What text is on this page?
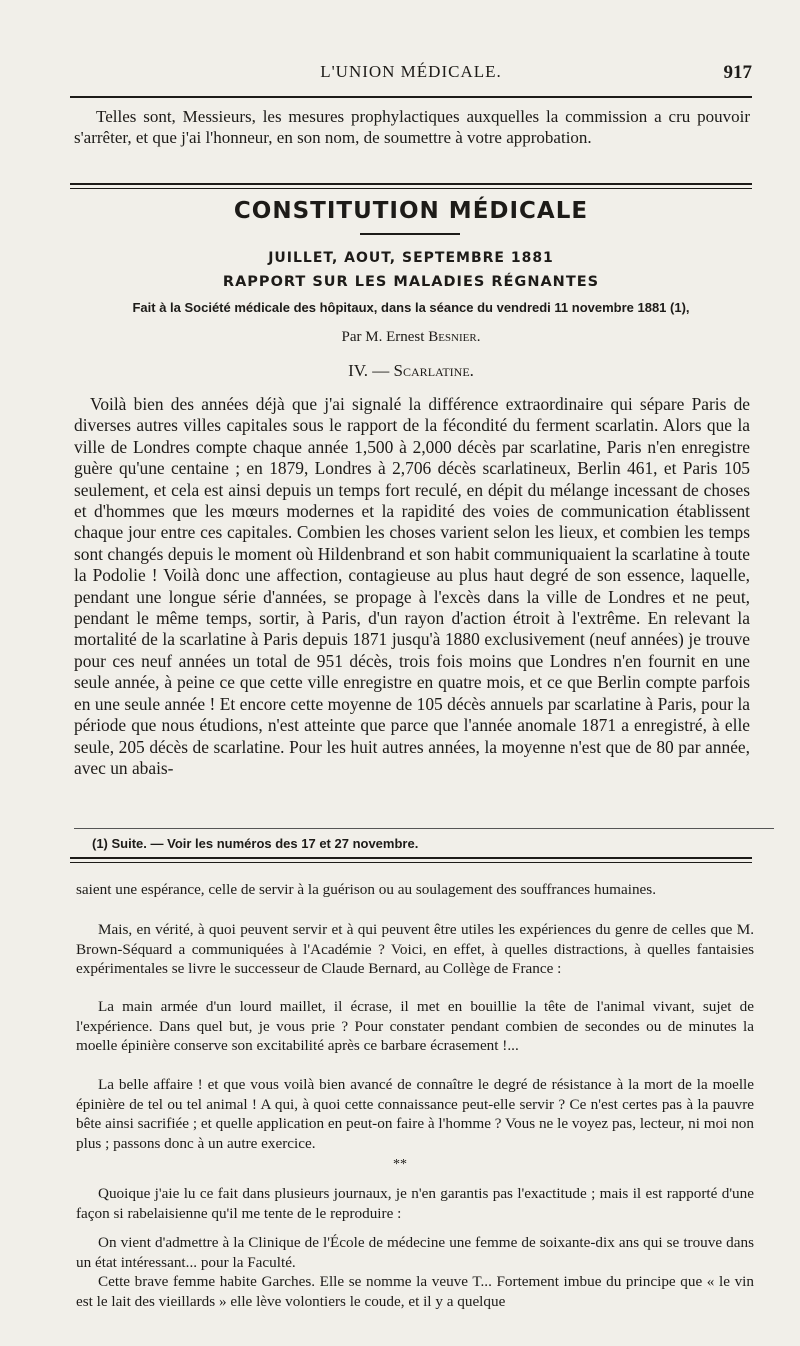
L'UNION MÉDICALE.	917

Telles sont, Messieurs, les mesures prophylactiques auxquelles la commission a cru pouvoir s'arrêter, et que j'ai l'honneur, en son nom, de soumettre à votre approbation.

CONSTITUTION MÉDICALE
JUILLET, AOUT, SEPTEMBRE 1881
RAPPORT SUR LES MALADIES RÉGNANTES
Fait à la Société médicale des hôpitaux, dans la séance du vendredi 11 novembre 1881 (1),
Par M. Ernest Besnier.
IV. — Scarlatine.

Voilà bien des années déjà que j'ai signalé la différence extraordinaire qui sépare Paris de diverses autres villes capitales sous le rapport de la fécondité du ferment scarlatin. Alors que la ville de Londres compte chaque année 1,500 à 2,000 décès par scarlatine, Paris n'en enregistre guère qu'une centaine ; en 1879, Londres à 2,706 décès scarlatineux, Berlin 461, et Paris 105 seulement, et cela est ainsi depuis un temps fort reculé, en dépit du mélange incessant de choses et d'hommes que les mœurs modernes et la rapidité des voies de communication établissent chaque jour entre ces capitales. Combien les choses varient selon les lieux, et combien les temps sont changés depuis le moment où Hildenbrand et son habit communiquaient la scarlatine à toute la Podolie ! Voilà donc une affection, contagieuse au plus haut degré de son essence, laquelle, pendant une longue série d'années, se propage à l'excès dans la ville de Londres et ne peut, pendant le même temps, sortir, à Paris, d'un rayon d'action étroit à l'extrême. En relevant la mortalité de la scarlatine à Paris depuis 1871 jusqu'à 1880 exclusivement (neuf années) je trouve pour ces neuf années un total de 951 décès, trois fois moins que Londres n'en fournit en une seule année, à peine ce que cette ville enregistre en quatre mois, et ce que Berlin compte parfois en une seule année ! Et encore cette moyenne de 105 décès annuels par scarlatine à Paris, pour la période que nous étudions, n'est atteinte que parce que l'année anomale 1871 a enregistré, à elle seule, 205 décès de scarlatine. Pour les huit autres années, la moyenne n'est que de 80 par année, avec un abais-

(1) Suite. — Voir les numéros des 17 et 27 novembre.

saient une espérance, celle de servir à la guérison ou au soulagement des souffrances humaines.

Mais, en vérité, à quoi peuvent servir et à qui peuvent être utiles les expériences du genre de celles que M. Brown-Séquard a communiquées à l'Académie ? Voici, en effet, à quelles distractions, à quelles fantaisies expérimentales se livre le successeur de Claude Bernard, au Collège de France :

La main armée d'un lourd maillet, il écrase, il met en bouillie la tête de l'animal vivant, sujet de l'expérience. Dans quel but, je vous prie ? Pour constater pendant combien de secondes ou de minutes la moelle épinière conserve son excitabilité après ce barbare écrasement !...

La belle affaire ! et que vous voilà bien avancé de connaître le degré de résistance à la mort de la moelle épinière de tel ou tel animal ! A qui, à quoi cette connaissance peut-elle servir ? Ce n'est certes pas à la pauvre bête ainsi sacrifiée ; et quelle application en peut-on faire à l'homme ? Vous ne le voyez pas, lecteur, ni moi non plus ; passons donc à un autre exercice.

**

Quoique j'aie lu ce fait dans plusieurs journaux, je n'en garantis pas l'exactitude ; mais il est rapporté d'une façon si rabelaisienne qu'il me tente de le reproduire :

On vient d'admettre à la Clinique de l'École de médecine une femme de soixante-dix ans qui se trouve dans un état intéressant... pour la Faculté.

Cette brave femme habite Garches. Elle se nomme la veuve T... Fortement imbue du principe que « le vin est le lait des vieillards » elle lève volontiers le coude, et il y a quelque
